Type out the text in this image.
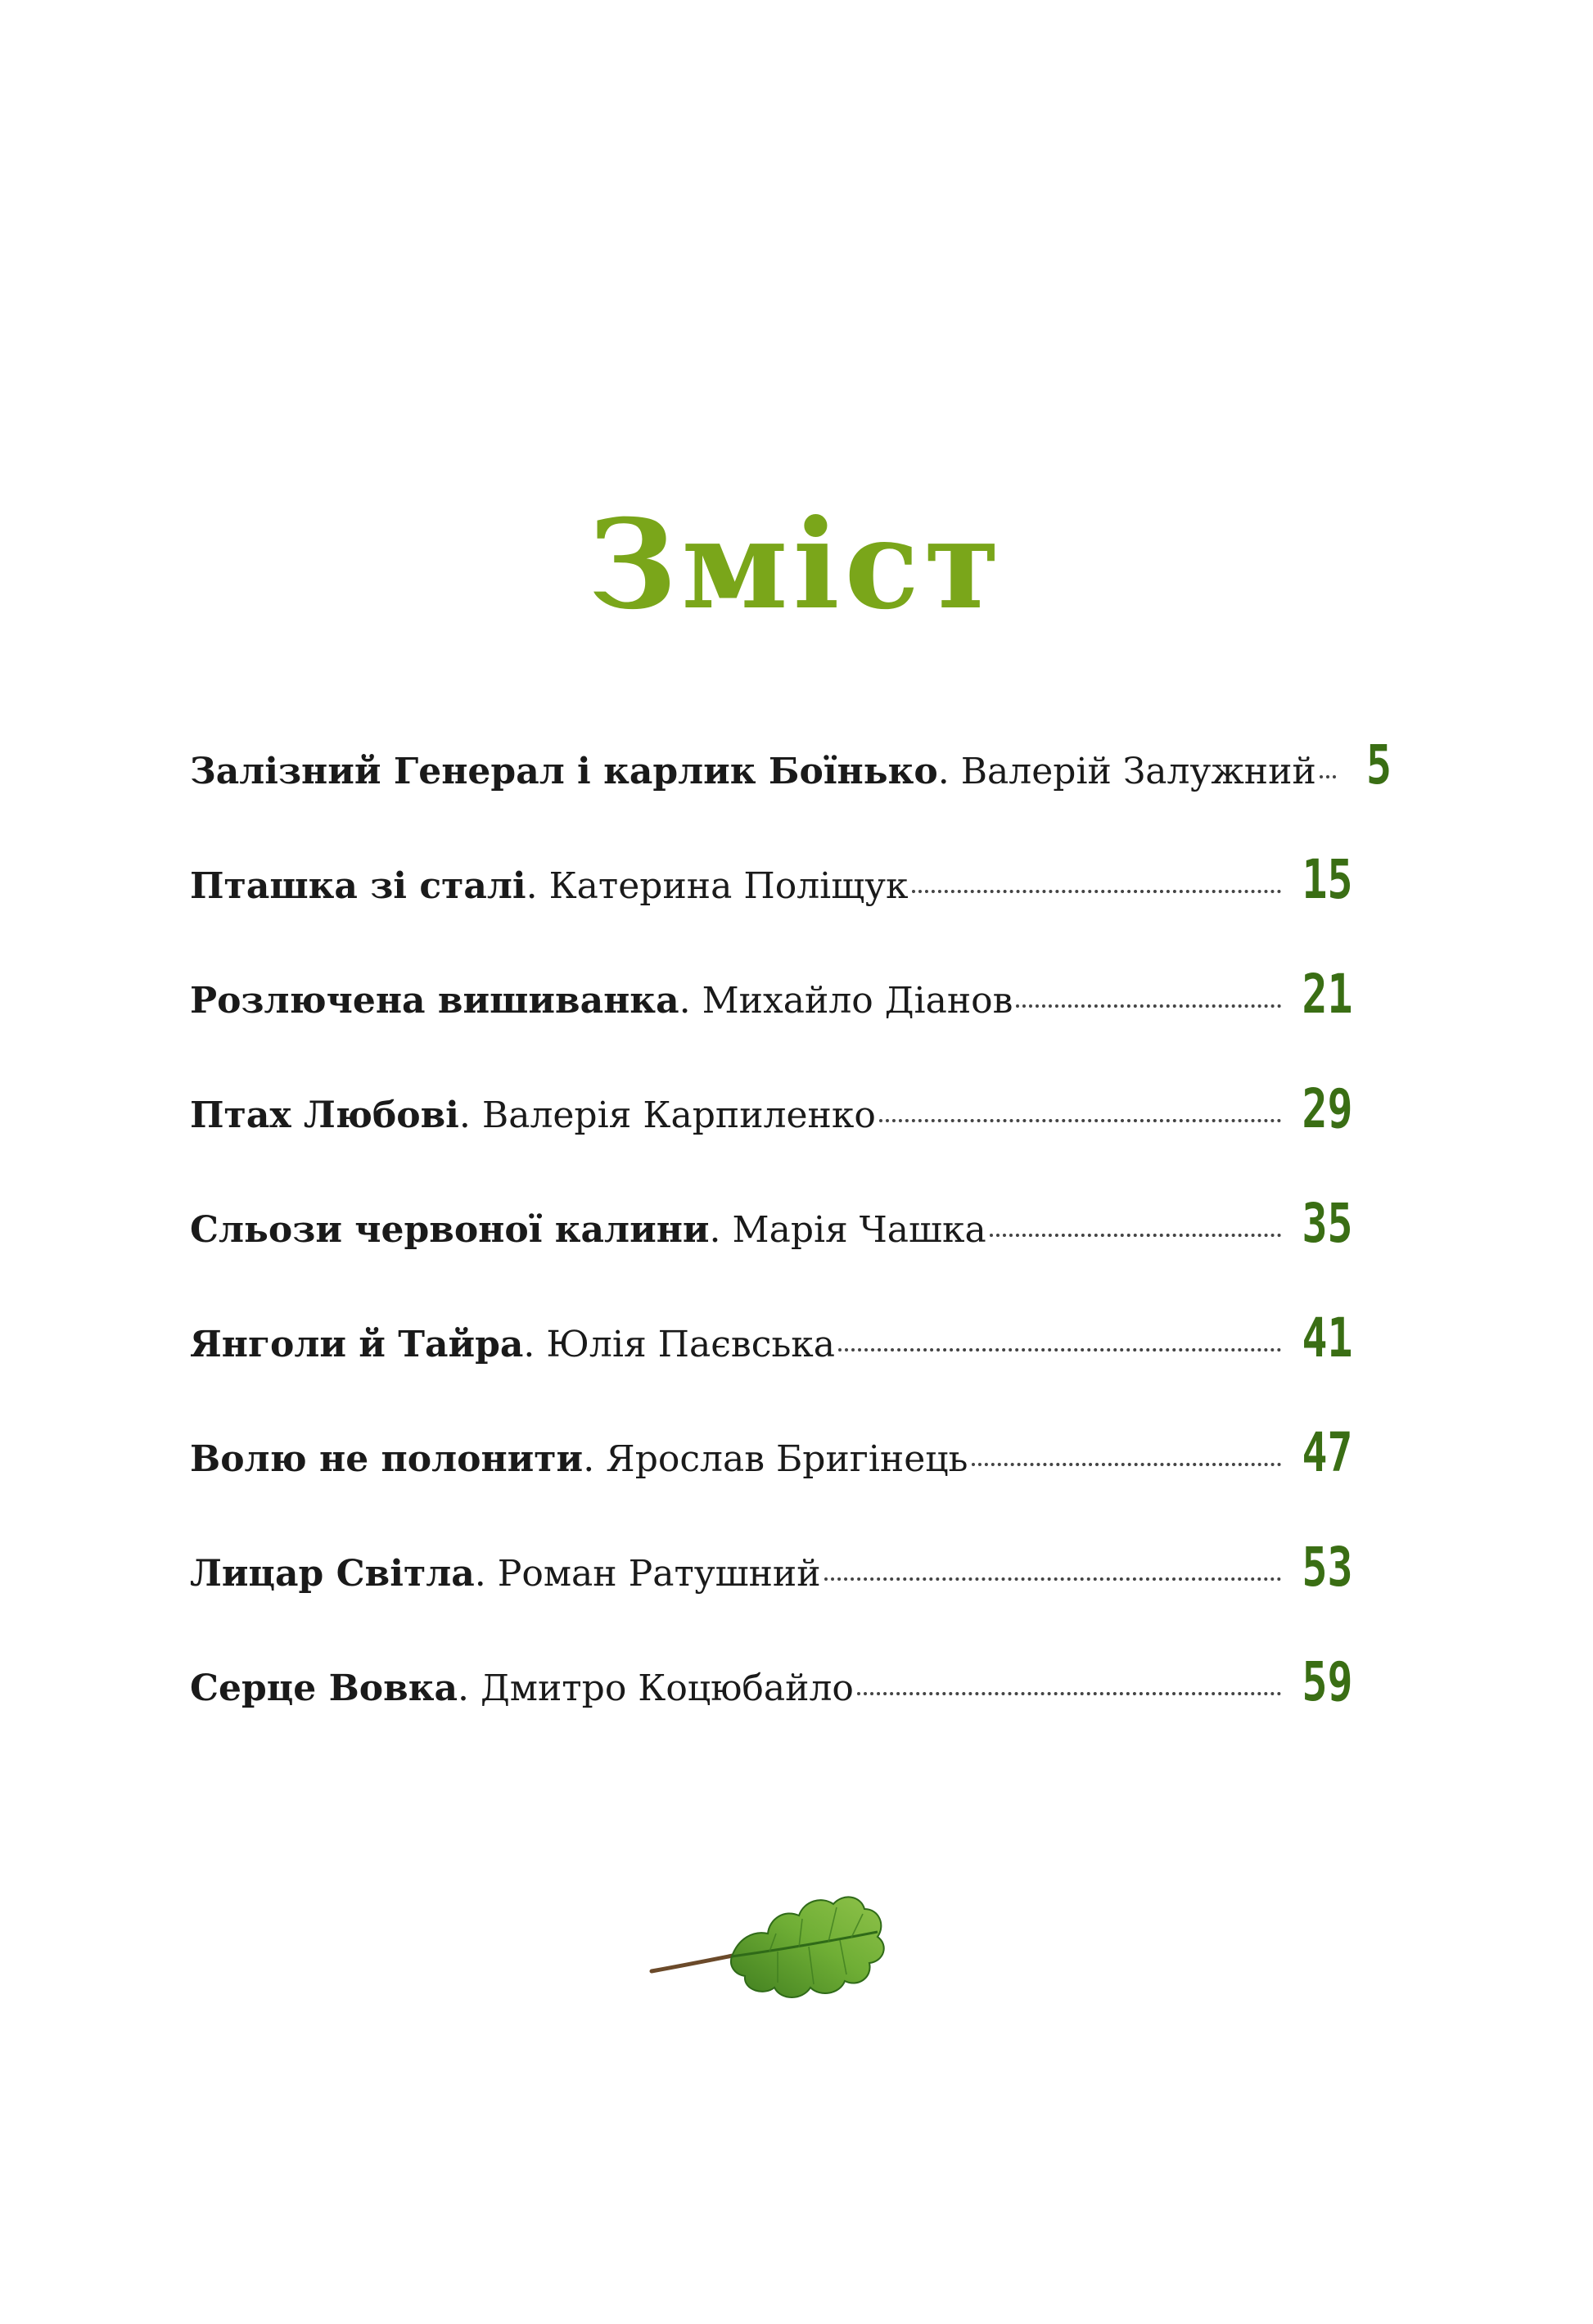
Зміст
Залізний Генерал і карлик Боїнько . Валерій Залужний 5
Пташка зі сталі . Катерина Поліщук	15
Розлючена вишиванка . Михайло Діанов	21
Птах Любові . Валерія Карпиленко	29
Сльози червоної калини . Марія Чашка	35
Янголи й Тайра . Юлія Паєвська	41
Волю не полонити . Ярослав Бригінець	47
Лицар Світла . Роман Ратушний	53
Серце Вовка . Дмитро Коцюбайло	59
